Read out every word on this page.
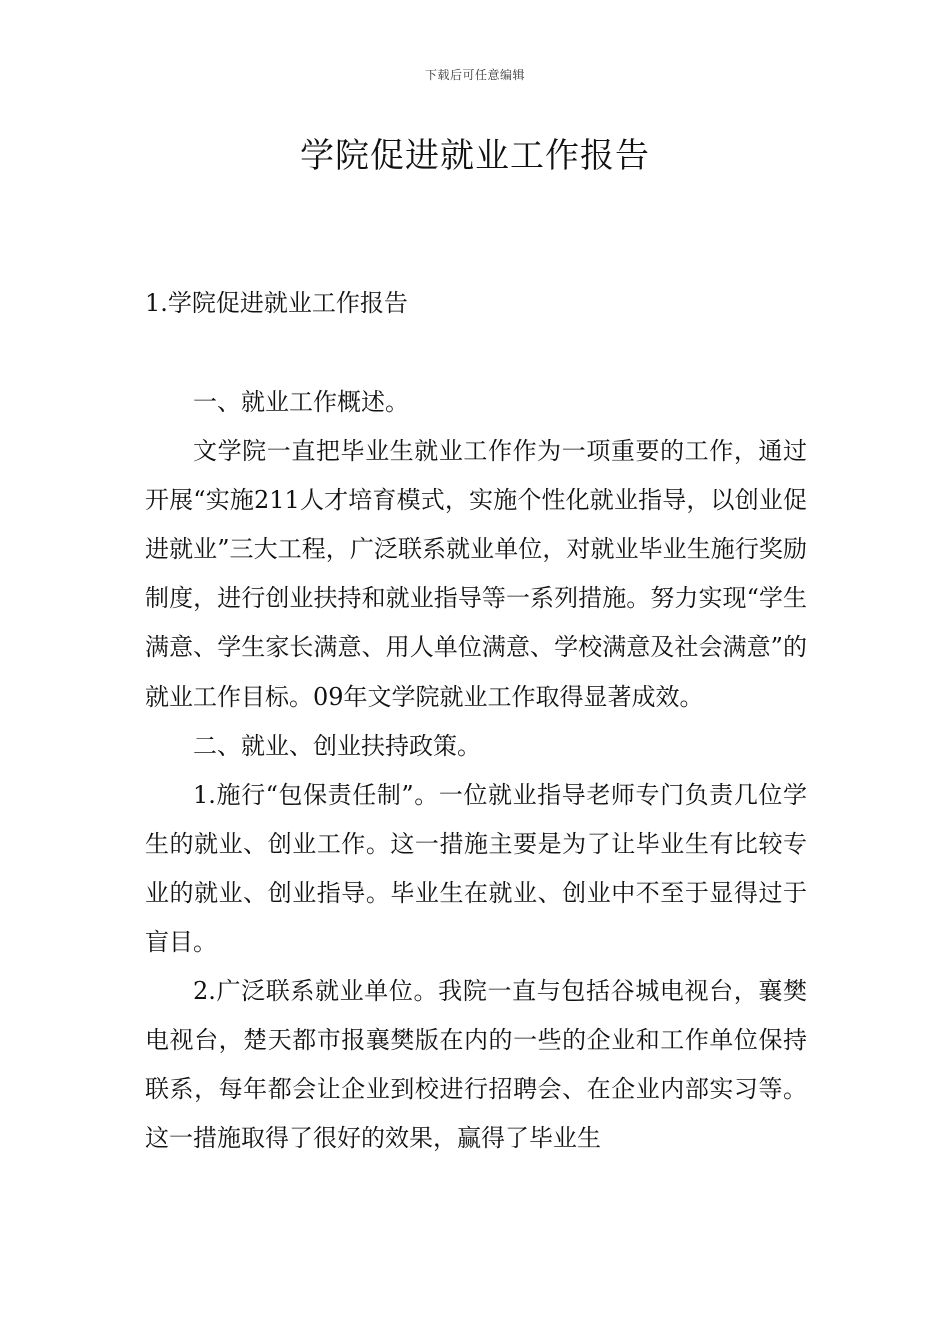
下载后可任意编辑
学院促进就业工作报告

1.学院促进就业工作报告

一、就业工作概述。

文学院一直把毕业生就业工作作为一项重要的工作，通过开展“实施211人才培育模式，实施个性化就业指导，以创业促进就业”三大工程，广泛联系就业单位，对就业毕业生施行奖励制度，进行创业扶持和就业指导等一系列措施。努力实现“学生满意、学生家长满意、用人单位满意、学校满意及社会满意”的就业工作目标。09年文学院就业工作取得显著成效。

二、就业、创业扶持政策。

1.施行“包保责任制”。一位就业指导老师专门负责几位学生的就业、创业工作。这一措施主要是为了让毕业生有比较专业的就业、创业指导。毕业生在就业、创业中不至于显得过于盲目。

2.广泛联系就业单位。我院一直与包括谷城电视台，襄樊电视台，楚天都市报襄樊版在内的一些的企业和工作单位保持联系，每年都会让企业到校进行招聘会、在企业内部实习等。这一措施取得了很好的效果，赢得了毕业生
